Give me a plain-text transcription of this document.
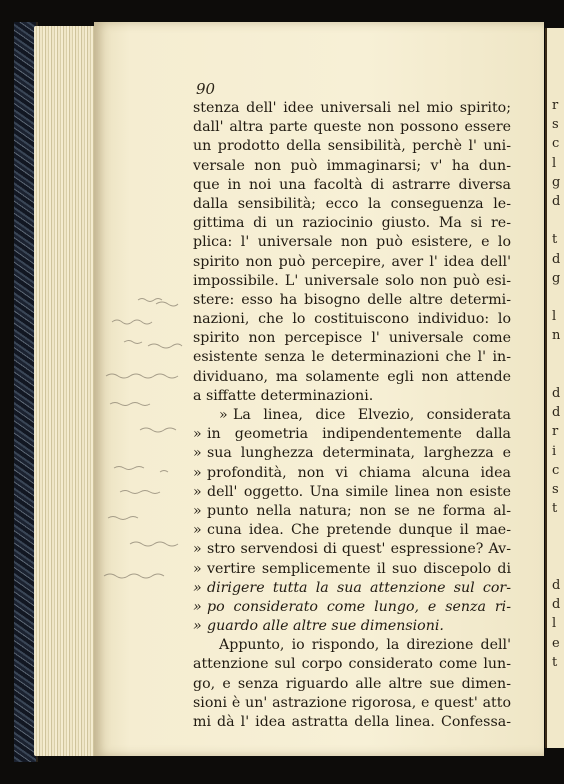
r
s
c
l
g
d

t
d
g

l
n

d
d
r
i
c
s
t

d
d
l
e
t
90
stenza dell' idee universali nel mio spirito;
dall' altra parte queste non possono essere
un prodotto della sensibilità, perchè l' uni-
versale non può immaginarsi; v' ha dun-
que in noi una facoltà di astrarre diversa
dalla sensibilità; ecco la conseguenza le-
gittima di un raziocinio giusto. Ma si re-
plica: l' universale non può esistere, e lo
spirito non può percepire, aver l' idea dell'
impossibile. L' universale solo non può esi-
stere: esso ha bisogno delle altre determi-
nazioni, che lo costituiscono individuo: lo
spirito non percepisce l' universale come
esistente senza le determinazioni che l' in-
dividuano, ma solamente egli non attende
a siffatte determinazioni.
» La linea, dice Elvezio, considerata
» in geometria indipendentemente dalla
» sua lunghezza determinata, larghezza e
» profondità, non vi chiama alcuna idea
» dell' oggetto. Una simile linea non esiste
» punto nella natura; non se ne forma al-
» cuna idea. Che pretende dunque il mae-
» stro servendosi di quest' espressione? Av-
» vertire semplicemente il suo discepolo di
» dirigere tutta la sua attenzione sul cor-
» po considerato come lungo, e senza ri-
» guardo alle altre sue dimensioni.
Appunto, io rispondo, la direzione dell'
attenzione sul corpo considerato come lun-
go, e senza riguardo alle altre sue dimen-
sioni è un' astrazione rigorosa, e quest' atto
mi dà l' idea astratta della linea. Confessa-
